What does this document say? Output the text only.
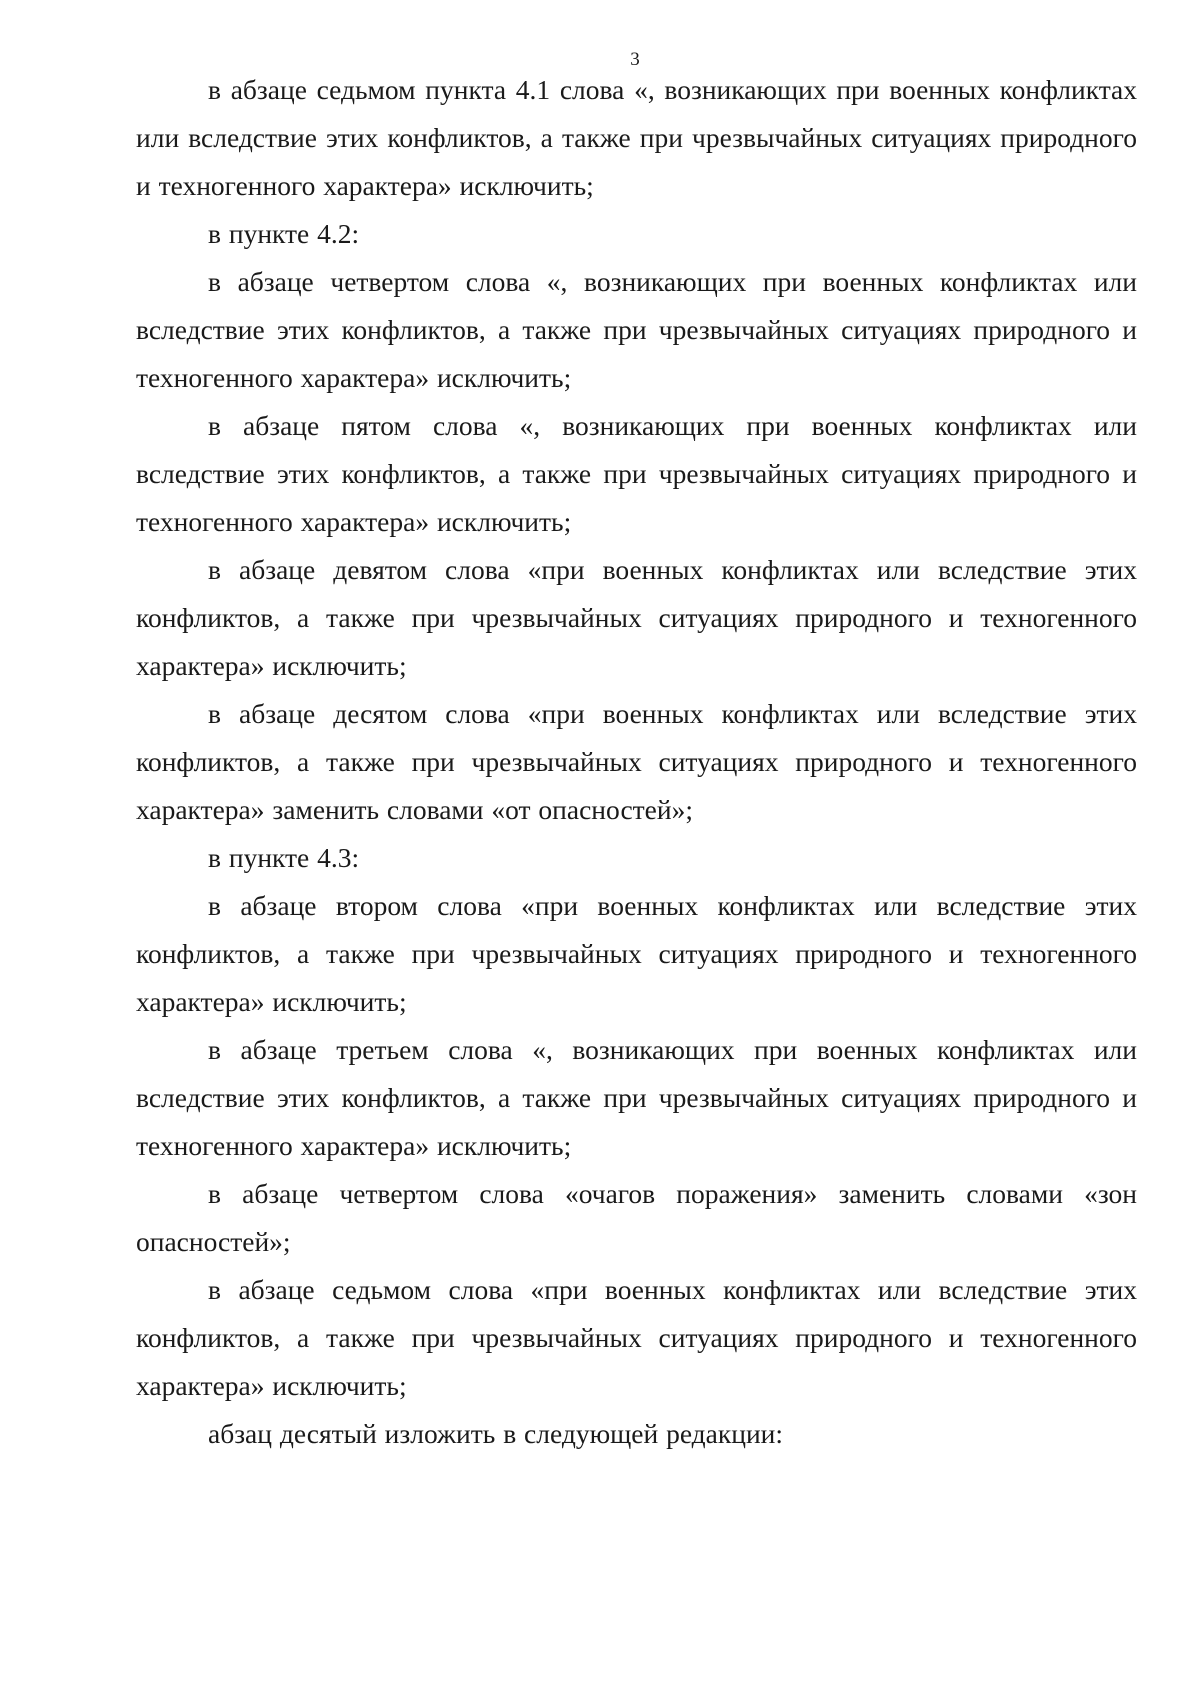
3

в абзаце седьмом пункта 4.1 слова «, возникающих при военных конфликтах или вследствие этих конфликтов, а также при чрезвычайных ситуациях природного и техногенного характера» исключить;

в пункте 4.2:

в абзаце четвертом слова «, возникающих при военных конфликтах или вследствие этих конфликтов, а также при чрезвычайных ситуациях природного и техногенного характера» исключить;

в абзаце пятом слова «, возникающих при военных конфликтах или вследствие этих конфликтов, а также при чрезвычайных ситуациях природного и техногенного характера» исключить;

в абзаце девятом слова «при военных конфликтах или вследствие этих конфликтов, а также при чрезвычайных ситуациях природного и техногенного характера» исключить;

в абзаце десятом слова «при военных конфликтах или вследствие этих конфликтов, а также при чрезвычайных ситуациях природного и техногенного характера» заменить словами «от опасностей»;

в пункте 4.3:

в абзаце втором слова «при военных конфликтах или вследствие этих конфликтов, а также при чрезвычайных ситуациях природного и техногенного характера» исключить;

в абзаце третьем слова «, возникающих при военных конфликтах или вследствие этих конфликтов, а также при чрезвычайных ситуациях природного и техногенного характера» исключить;

в абзаце четвертом слова «очагов поражения» заменить словами «зон опасностей»;

в абзаце седьмом слова «при военных конфликтах или вследствие этих конфликтов, а также при чрезвычайных ситуациях природного и техногенного характера» исключить;

абзац десятый изложить в следующей редакции:
